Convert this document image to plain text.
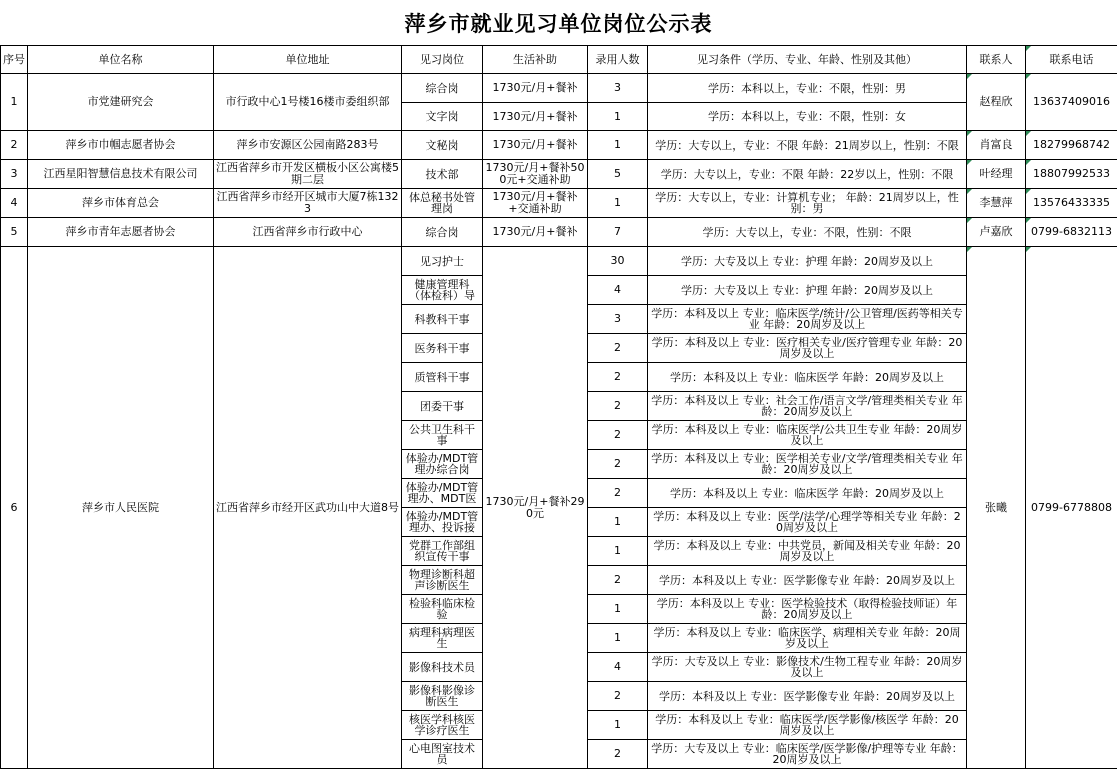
萍乡市就业见习单位岗位公示表
序号	单位名称	单位地址	见习岗位	生活补助	录用人数	见习条件（学历、专业、年龄、性别及其他）	联系人	联系电话
1	市党建研究会	市行政中心1号楼16楼市委组织部	综合岗	1730元/月+餐补	3	学历：本科以上，专业：不限，性别：男	赵程欣	13637409016
			文字岗	1730元/月+餐补	1	学历：本科以上，专业：不限，性别：女		
2	萍乡市巾帼志愿者协会	萍乡市安源区公园南路283号	文秘岗	1730元/月+餐补	1	学历：大专以上，专业：不限 年龄：21周岁以上，性别：不限	肖富良	18279968742
3	江西星阳智慧信息技术有限公司	江西省萍乡市开发区横板小区公寓楼5期二层	技术部	1730元/月+餐补500元+交通补助	5	学历：大专以上，专业：不限 年龄：22岁以上，性别：不限	叶经理	18807992533
4	萍乡市体育总会	江西省萍乡市经开区城市大厦7栋1323	体总秘书处管理岗	1730元/月+餐补+交通补助	1	学历：大专以上，专业：计算机专业； 年龄：21周岁以上，性别：男	李慧萍	13576433335
5	萍乡市青年志愿者协会	江西省萍乡市行政中心	综合岗	1730元/月+餐补	7	学历：大专以上，专业：不限，性别：不限	卢嘉欣	0799-6832113
6	萍乡市人民医院	江西省萍乡市经开区武功山中大道8号	见习护士	1730元/月+餐补290元	30	学历：大专及以上 专业：护理 年龄：20周岁及以上	张曦	0799-6778808
			健康管理科（体检科）导		4	学历：大专及以上 专业：护理 年龄：20周岁及以上		
			科教科干事		3	学历：本科及以上 专业：临床医学/统计/公卫管理/医药等相关专业 年龄：20周岁及以上		
			医务科干事		2	学历：本科及以上 专业：医疗相关专业/医疗管理专业 年龄：20周岁及以上		
			质管科干事		2	学历：本科及以上 专业：临床医学 年龄：20周岁及以上		
			团委干事		2	学历：本科及以上 专业：社会工作/语言文学/管理类相关专业 年龄：20周岁及以上		
			公共卫生科干事		2	学历：本科及以上 专业：临床医学/公共卫生专业 年龄：20周岁及以上		
			体验办/MDT管理办综合岗		2	学历：本科及以上 专业：医学相关专业/文学/管理类相关专业 年龄：20周岁及以上		
			体验办/MDT管理办、MDT医		2	学历：本科及以上 专业：临床医学 年龄：20周岁及以上		
			体验办/MDT管理办、投诉接		1	学历：本科及以上 专业：医学/法学/心理学等相关专业 年龄：20周岁及以上		
			党群工作部组织宣传干事		1	学历：本科及以上 专业：中共党员，新闻及相关专业 年龄：20周岁及以上		
			物理诊断科超声诊断医生		2	学历：本科及以上 专业：医学影像专业 年龄：20周岁及以上		
			检验科临床检验		1	学历：本科及以上 专业：医学检验技术（取得检验技师证）年龄：20周岁及以上		
			病理科病理医生		1	学历：本科及以上 专业：临床医学、病理相关专业 年龄：20周岁及以上		
			影像科技术员		4	学历：大专及以上 专业：影像技术/生物工程专业 年龄：20周岁及以上		
			影像科影像诊断医生		2	学历：本科及以上 专业：医学影像专业 年龄：20周岁及以上		
			核医学科核医学诊疗医生		1	学历：本科及以上 专业：临床医学/医学影像/核医学 年龄：20周岁及以上		
			心电图室技术员		2	学历：大专及以上 专业：临床医学/医学影像/护理等专业 年龄：20周岁及以上		
